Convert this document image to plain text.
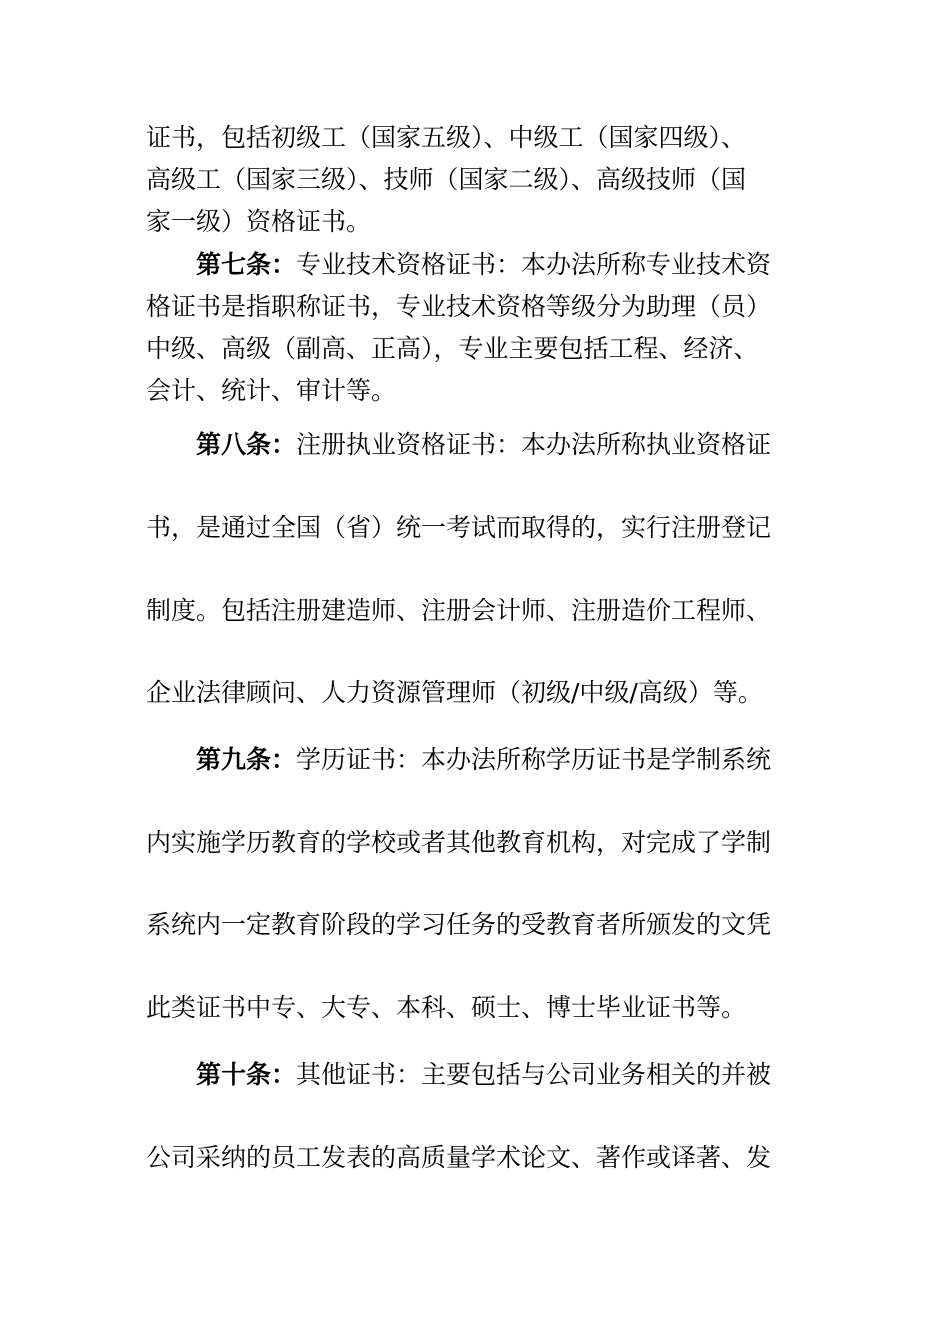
证书，包括初级工（国家五级）、中级工（国家四级）、
高级工（国家三级）、技师（国家二级）、高级技师（国
家一级）资格证书。
第七条：专业技术资格证书：本办法所称专业技术资
格证书是指职称证书，专业技术资格等级分为助理（员）
中级、高级（副高、正高），专业主要包括工程、经济、
会计、统计、审计等。
第八条：注册执业资格证书：本办法所称执业资格证
书，是通过全国（省）统一考试而取得的，实行注册登记
制度。包括注册建造师、注册会计师、注册造价工程师、
企业法律顾问、人力资源管理师（初级/中级/高级）等。
第九条：学历证书：本办法所称学历证书是学制系统
内实施学历教育的学校或者其他教育机构，对完成了学制
系统内一定教育阶段的学习任务的受教育者所颁发的文凭
此类证书中专、大专、本科、硕士、博士毕业证书等。
第十条：其他证书：主要包括与公司业务相关的并被
公司采纳的员工发表的高质量学术论文、著作或译著、发
